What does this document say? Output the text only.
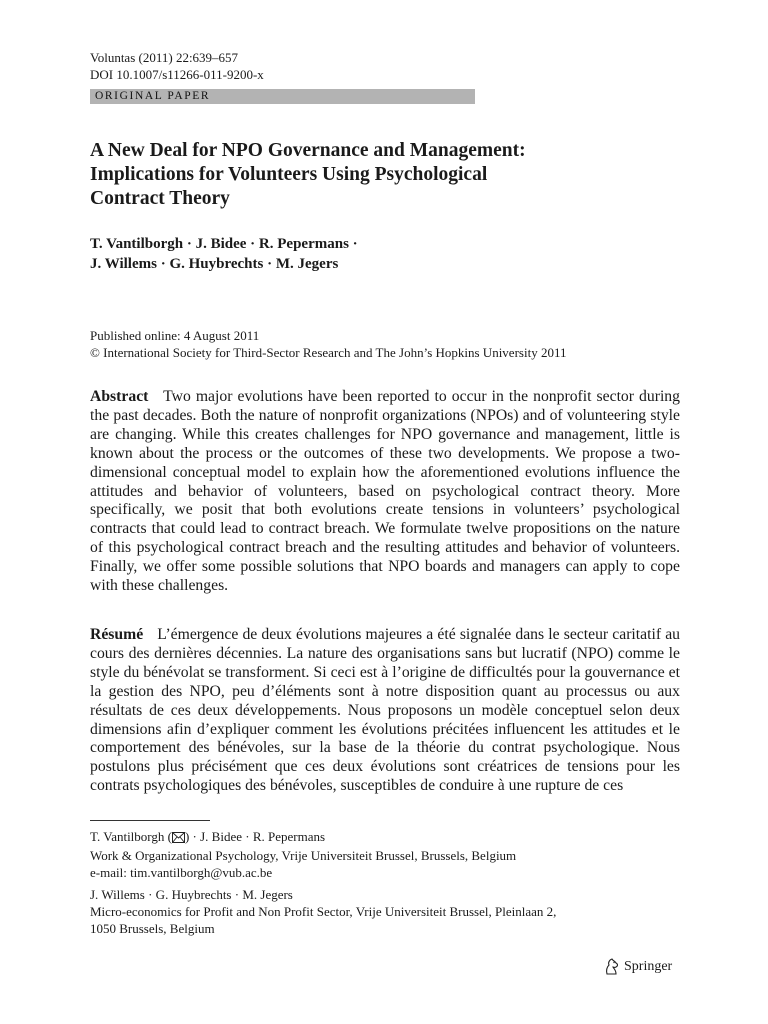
Voluntas (2011) 22:639–657
DOI 10.1007/s11266-011-9200-x
ORIGINAL PAPER
A New Deal for NPO Governance and Management:
Implications for Volunteers Using Psychological
Contract Theory
T. Vantilborgh · J. Bidee · R. Pepermans ·
J. Willems · G. Huybrechts · M. Jegers
Published online: 4 August 2011
© International Society for Third-Sector Research and The John’s Hopkins University 2011
Abstract Two major evolutions have been reported to occur in the nonprofit sector during the past decades. Both the nature of nonprofit organizations (NPOs) and of volunteering style are changing. While this creates challenges for NPO governance and management, little is known about the process or the outcomes of these two developments. We propose a two-dimensional conceptual model to explain how the aforementioned evolutions influence the attitudes and behavior of volunteers, based on psychological contract theory. More specifically, we posit that both evolutions create tensions in volunteers’ psychological contracts that could lead to contract breach. We formulate twelve propositions on the nature of this psychological contract breach and the resulting attitudes and behavior of volunteers. Finally, we offer some possible solutions that NPO boards and managers can apply to cope with these challenges.
Résumé L’émergence de deux évolutions majeures a été signalée dans le secteur caritatif au cours des dernières décennies. La nature des organisations sans but lucratif (NPO) comme le style du bénévolat se transforment. Si ceci est à l’origine de difficultés pour la gouvernance et la gestion des NPO, peu d’éléments sont à notre disposition quant au processus ou aux résultats de ces deux développements. Nous proposons un modèle conceptuel selon deux dimensions afin d’expliquer comment les évolutions précitées influencent les attitudes et le comportement des bénévoles, sur la base de la théorie du contrat psychologique. Nous postulons plus précisément que ces deux évolutions sont créatrices de tensions pour les contrats psychologiques des bénévoles, susceptibles de conduire à une rupture de ces
T. Vantilborgh ( ) · J. Bidee · R. Pepermans
Work & Organizational Psychology, Vrije Universiteit Brussel, Brussels, Belgium
e-mail: tim.vantilborgh@vub.ac.be
J. Willems · G. Huybrechts · M. Jegers
Micro-economics for Profit and Non Profit Sector, Vrije Universiteit Brussel, Pleinlaan 2,
1050 Brussels, Belgium
Springer
